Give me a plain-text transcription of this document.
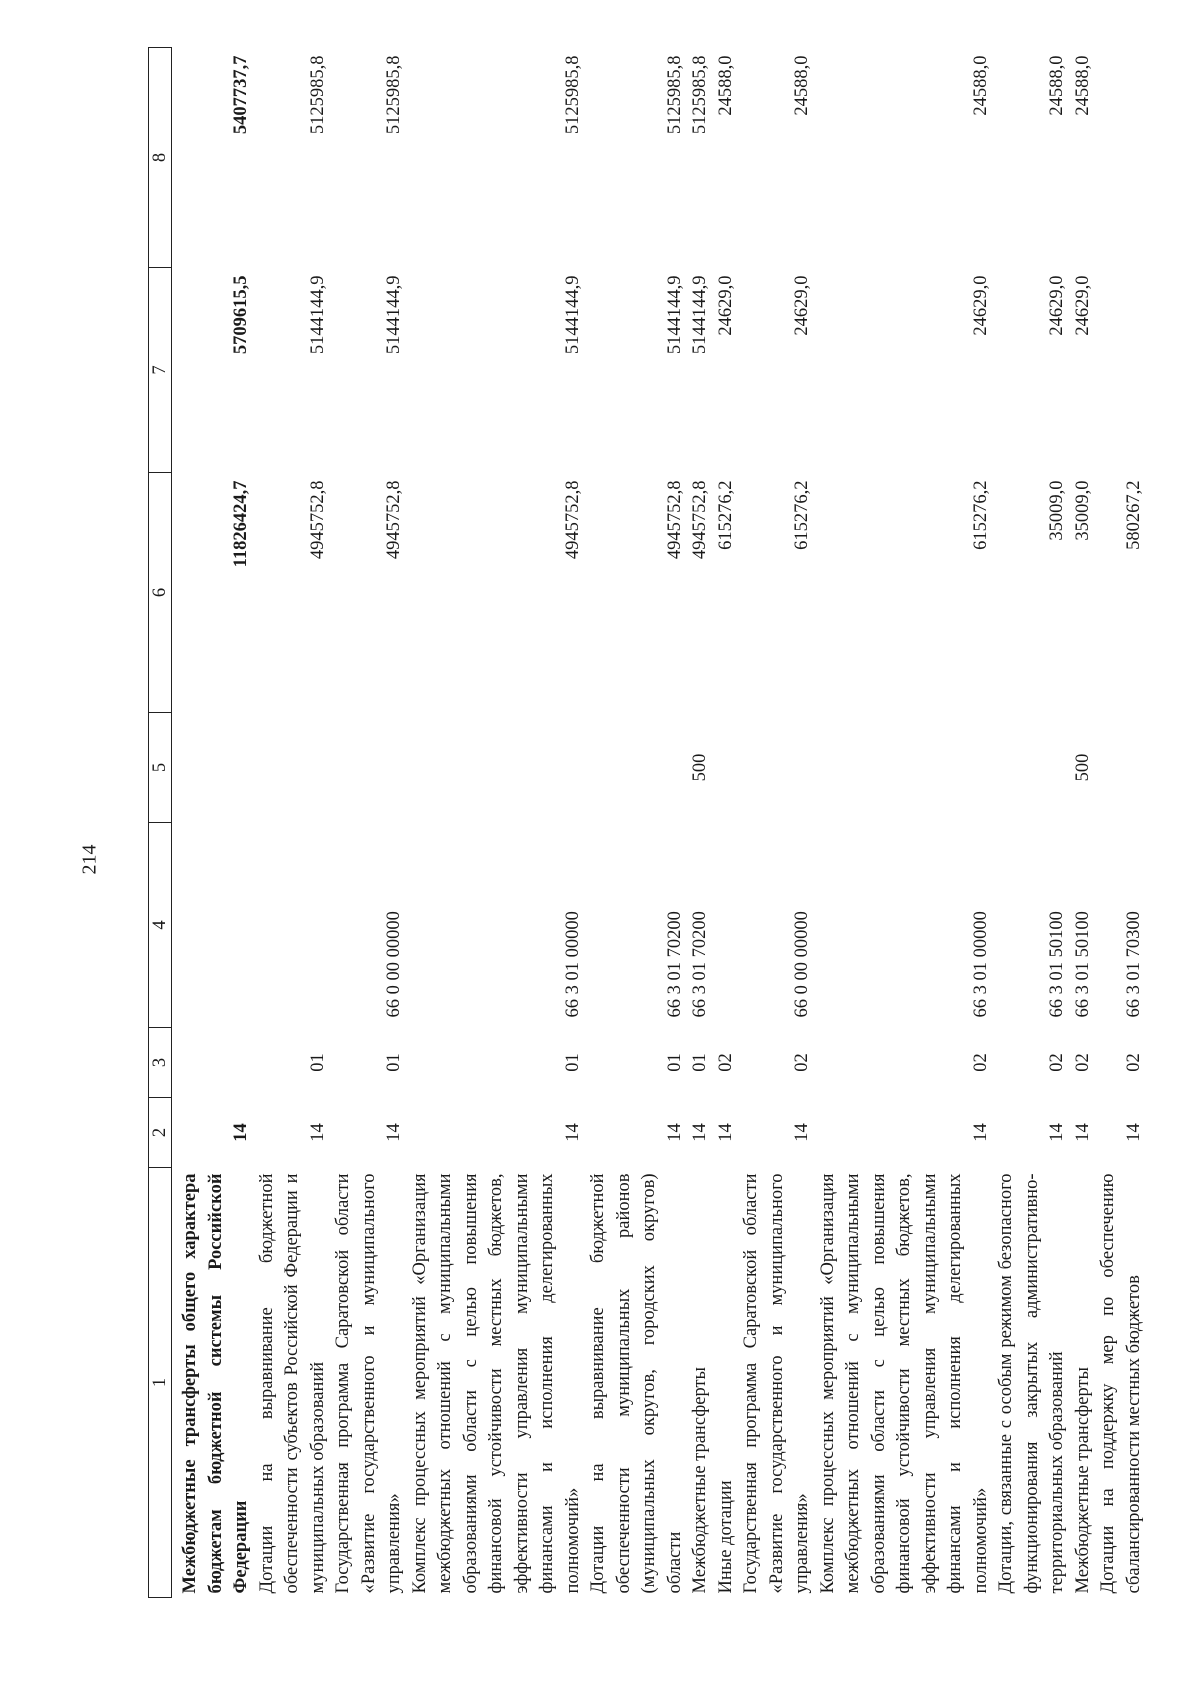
214
1	2	3	4	5	6	7	8
Межбюджетные трансферты общего характера бюджетам бюджетной системы Российской Федерации	14				11826424,7	5709615,5	5407737,7
Дотации на выравнивание бюджетной обеспеченности субъектов Российской Федерации и муниципальных образований	14	01			4945752,8	5144144,9	5125985,8
Государственная программа Саратовской области «Развитие государственного и муниципального управления»	14	01	66 0 00 00000		4945752,8	5144144,9	5125985,8
Комплекс процессных мероприятий «Организация межбюджетных отношений с муниципальными образованиями области с целью повышения финансовой устойчивости местных бюджетов, эффективности управления муниципальными финансами и исполнения делегированных полномочий»	14	01	66 3 01 00000		4945752,8	5144144,9	5125985,8
Дотации на выравнивание бюджетной обеспеченности муниципальных районов (муниципальных округов, городских округов) области	14	01	66 3 01 70200		4945752,8	5144144,9	5125985,8
Межбюджетные трансферты	14	01	66 3 01 70200	500	4945752,8	5144144,9	5125985,8
Иные дотации	14	02			615276,2	24629,0	24588,0
Государственная программа Саратовской области «Развитие государственного и муниципального управления»	14	02	66 0 00 00000		615276,2	24629,0	24588,0
Комплекс процессных мероприятий «Организация межбюджетных отношений с муниципальными образованиями области с целью повышения финансовой устойчивости местных бюджетов, эффективности управления муниципальными финансами и исполнения делегированных полномочий»	14	02	66 3 01 00000		615276,2	24629,0	24588,0
Дотации, связанные с особым режимом безопасного функционирования закрытых административно-территориальных образований	14	02	66 3 01 50100		35009,0	24629,0	24588,0
Межбюджетные трансферты	14	02	66 3 01 50100	500	35009,0	24629,0	24588,0
Дотации на поддержку мер по обеспечению сбалансированности местных бюджетов	14	02	66 3 01 70300		580267,2		
